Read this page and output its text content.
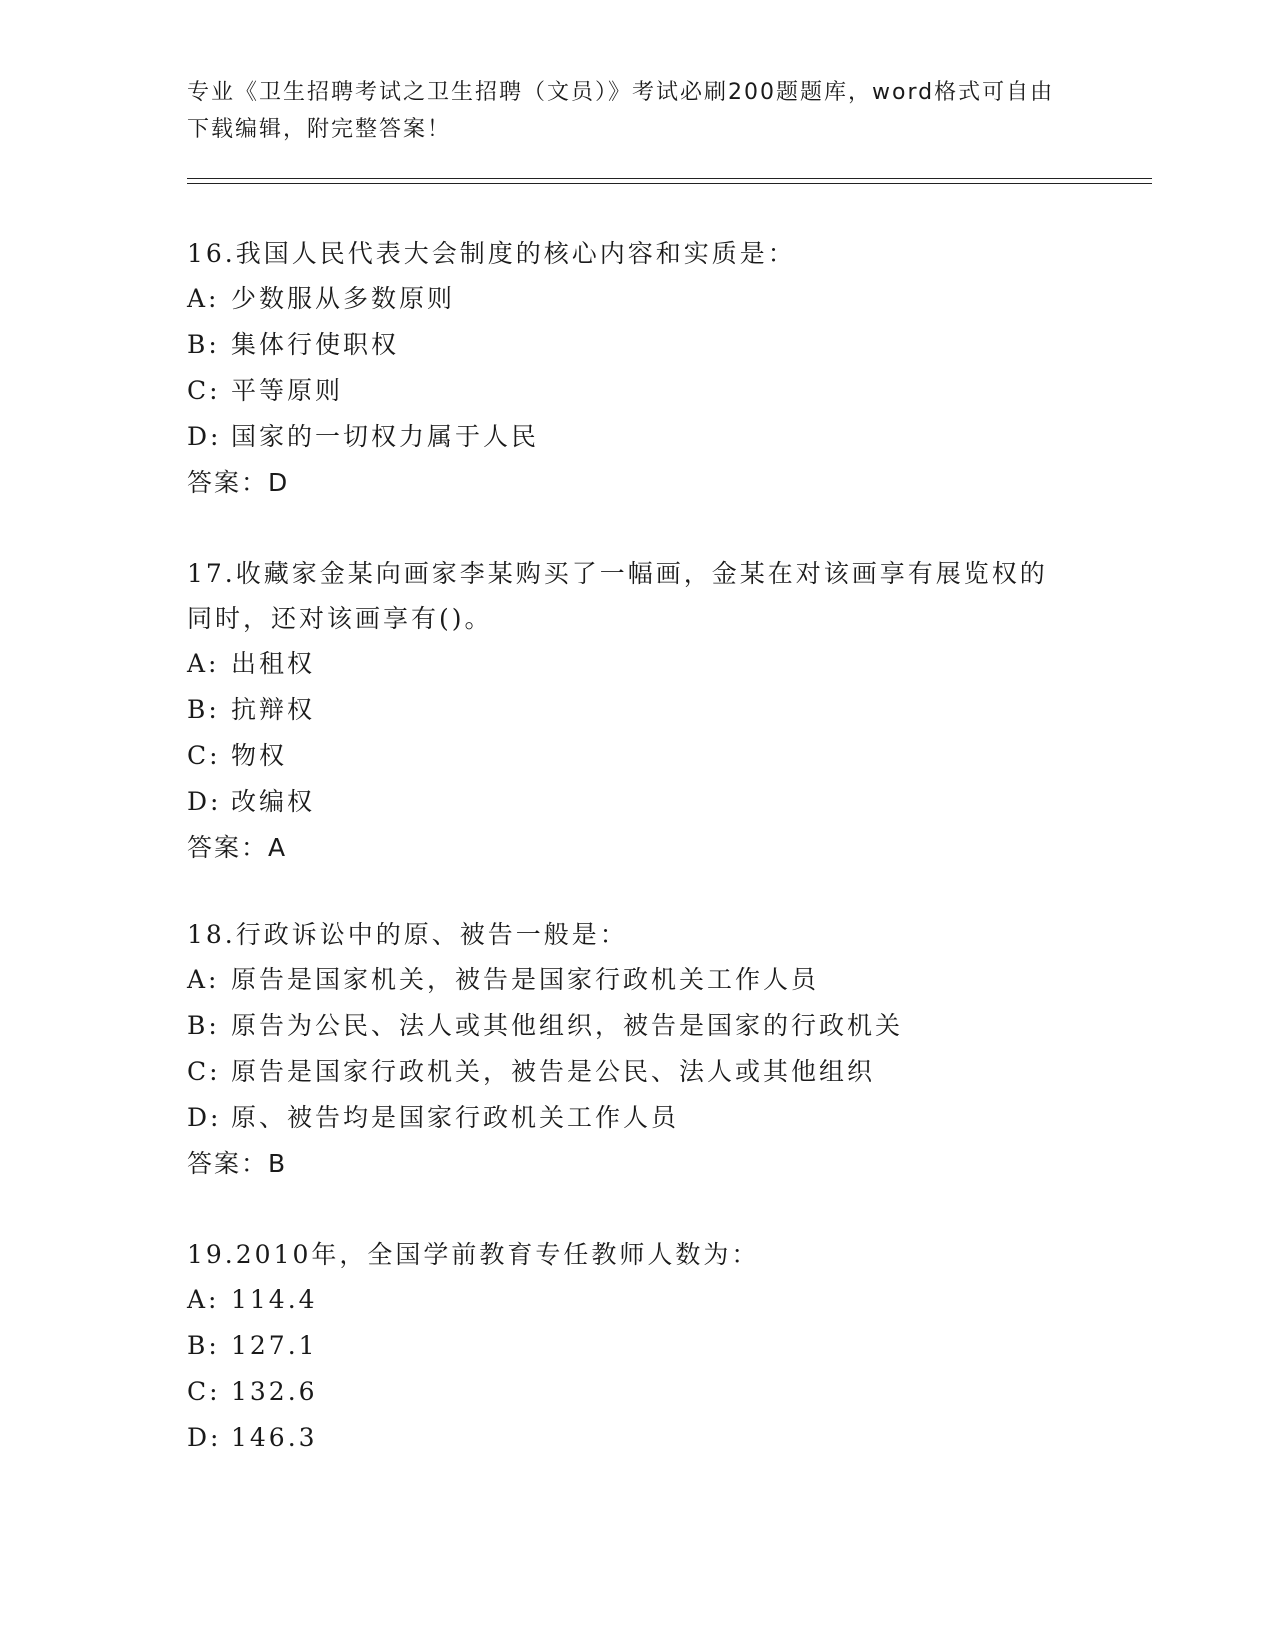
专业《卫生招聘考试之卫生招聘（文员）》考试必刷200题题库，word格式可自由下载编辑，附完整答案！
16.我国人民代表大会制度的核心内容和实质是：
A: 少数服从多数原则
B: 集体行使职权
C: 平等原则
D: 国家的一切权力属于人民
答案：D
17.收藏家金某向画家李某购买了一幅画，金某在对该画享有展览权的同时，还对该画享有()。
A: 出租权
B: 抗辩权
C: 物权
D: 改编权
答案：A
18.行政诉讼中的原、被告一般是：
A: 原告是国家机关，被告是国家行政机关工作人员
B: 原告为公民、法人或其他组织，被告是国家的行政机关
C: 原告是国家行政机关，被告是公民、法人或其他组织
D: 原、被告均是国家行政机关工作人员
答案：B
19.2010年，全国学前教育专任教师人数为：
A: 114.4
B: 127.1
C: 132.6
D: 146.3
